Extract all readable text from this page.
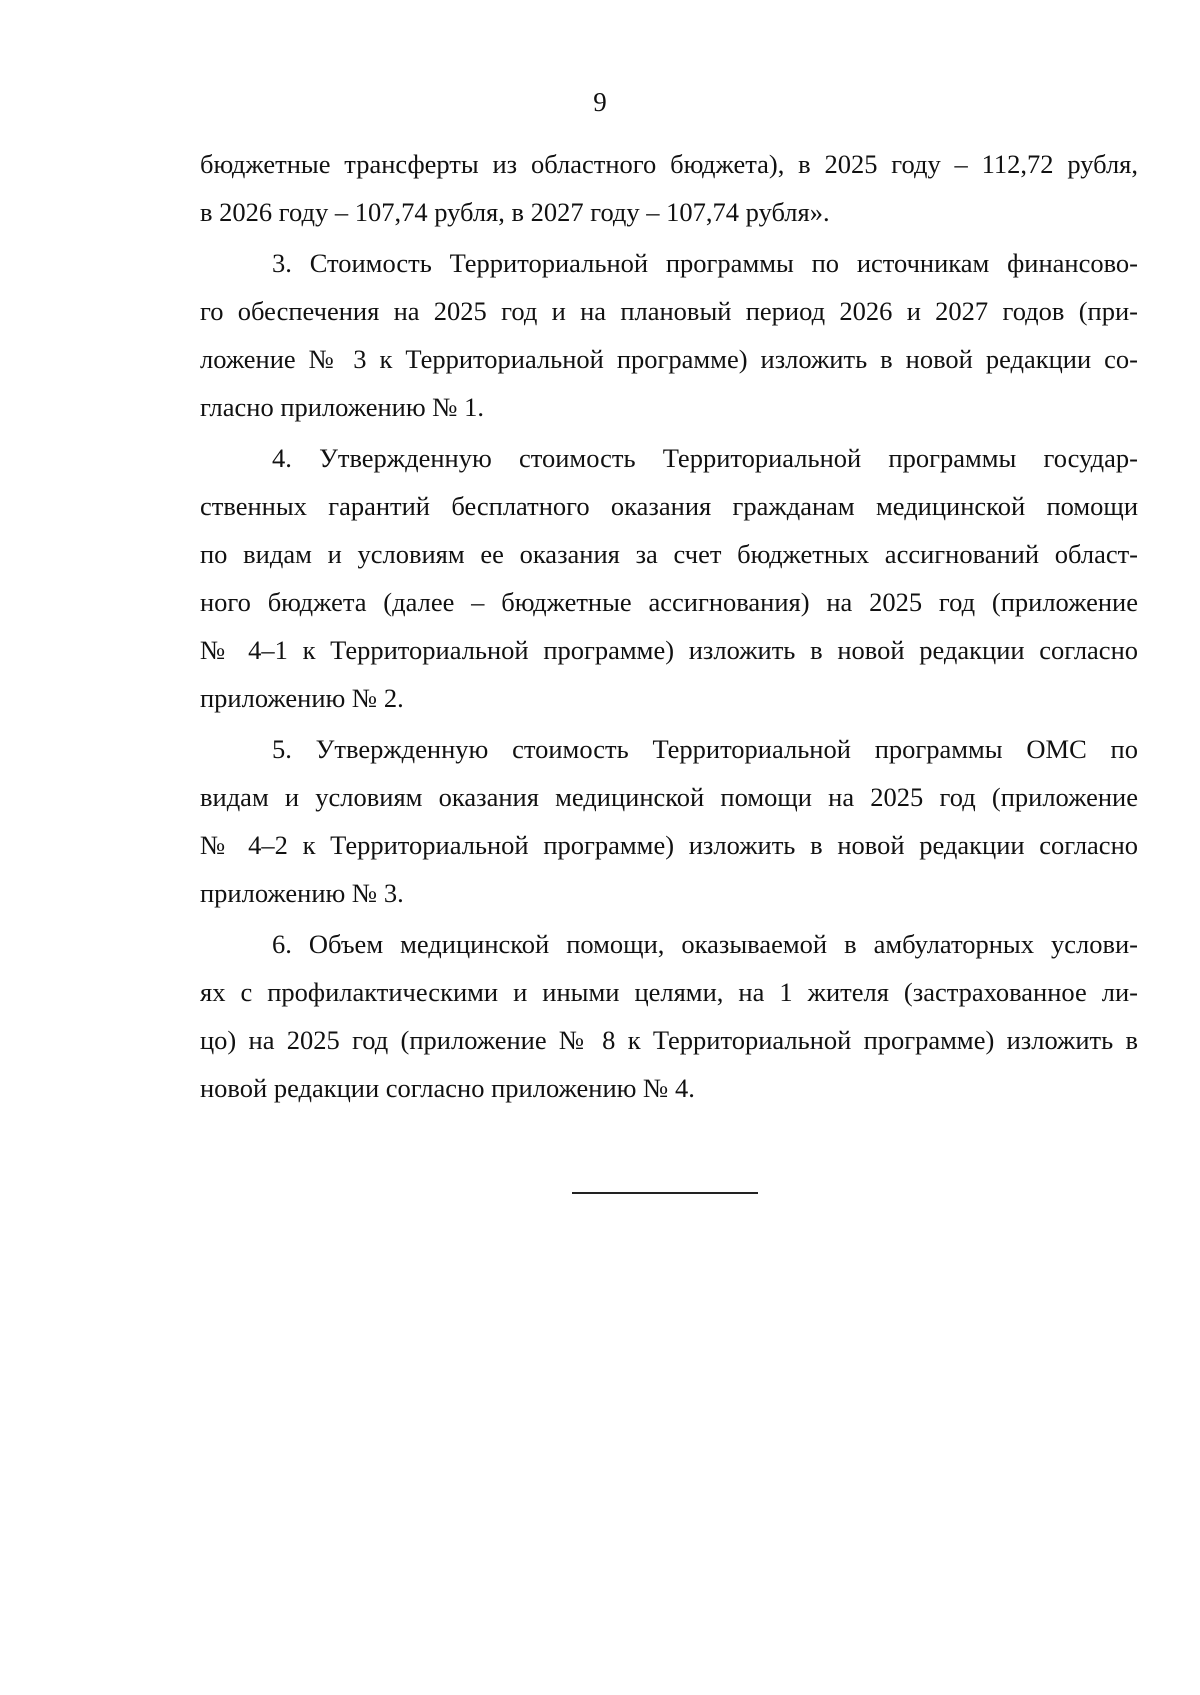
9
бюджетные трансферты из областного бюджета), в 2025 году – 112,72 рубля,
в 2026 году – 107,74 рубля, в 2027 году – 107,74 рубля».
3. Стоимость Территориальной программы по источникам финансово-
го обеспечения на 2025 год и на плановый период 2026 и 2027 годов (при-
ложение № 3 к Территориальной программе) изложить в новой редакции со-
гласно приложению № 1.
4. Утвержденную стоимость Территориальной программы государ-
ственных гарантий бесплатного оказания гражданам медицинской помощи
по видам и условиям ее оказания за счет бюджетных ассигнований област-
ного бюджета (далее – бюджетные ассигнования) на 2025 год (приложение
№ 4–1 к Территориальной программе) изложить в новой редакции согласно
приложению № 2.
5. Утвержденную стоимость Территориальной программы ОМС по
видам и условиям оказания медицинской помощи на 2025 год (приложение
№ 4–2 к Территориальной программе) изложить в новой редакции согласно
приложению № 3.
6. Объем медицинской помощи, оказываемой в амбулаторных услови-
ях с профилактическими и иными целями, на 1 жителя (застрахованное ли-
цо) на 2025 год (приложение № 8 к Территориальной программе) изложить в
новой редакции согласно приложению № 4.
